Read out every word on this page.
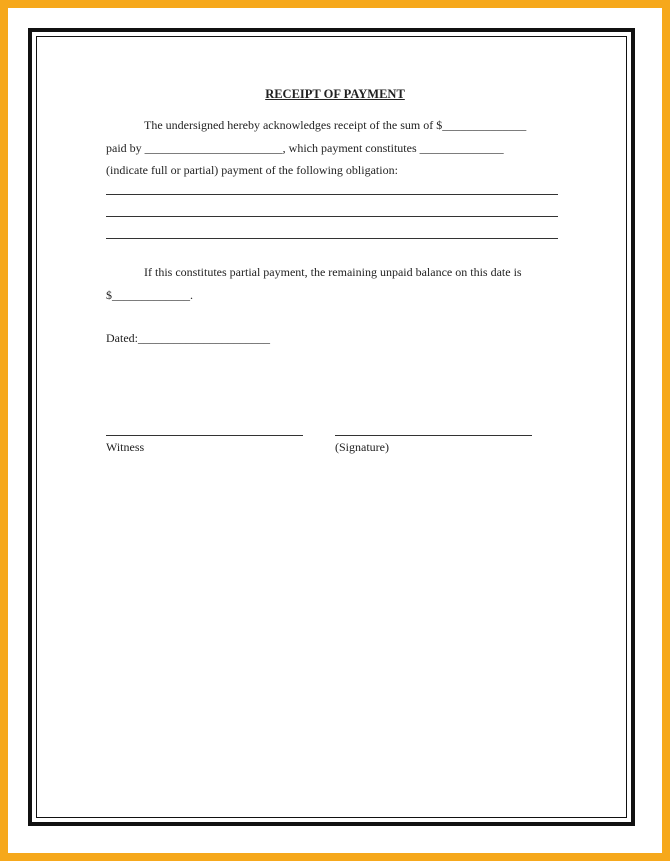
RECEIPT OF PAYMENT
The undersigned hereby acknowledges receipt of the sum of $______________
paid by _______________________, which payment constitutes ______________
(indicate full or partial) payment of the following obligation:
If this constitutes partial payment, the remaining unpaid balance on this date is
$_____________.
Dated:______________________
Witness	(Signature)
